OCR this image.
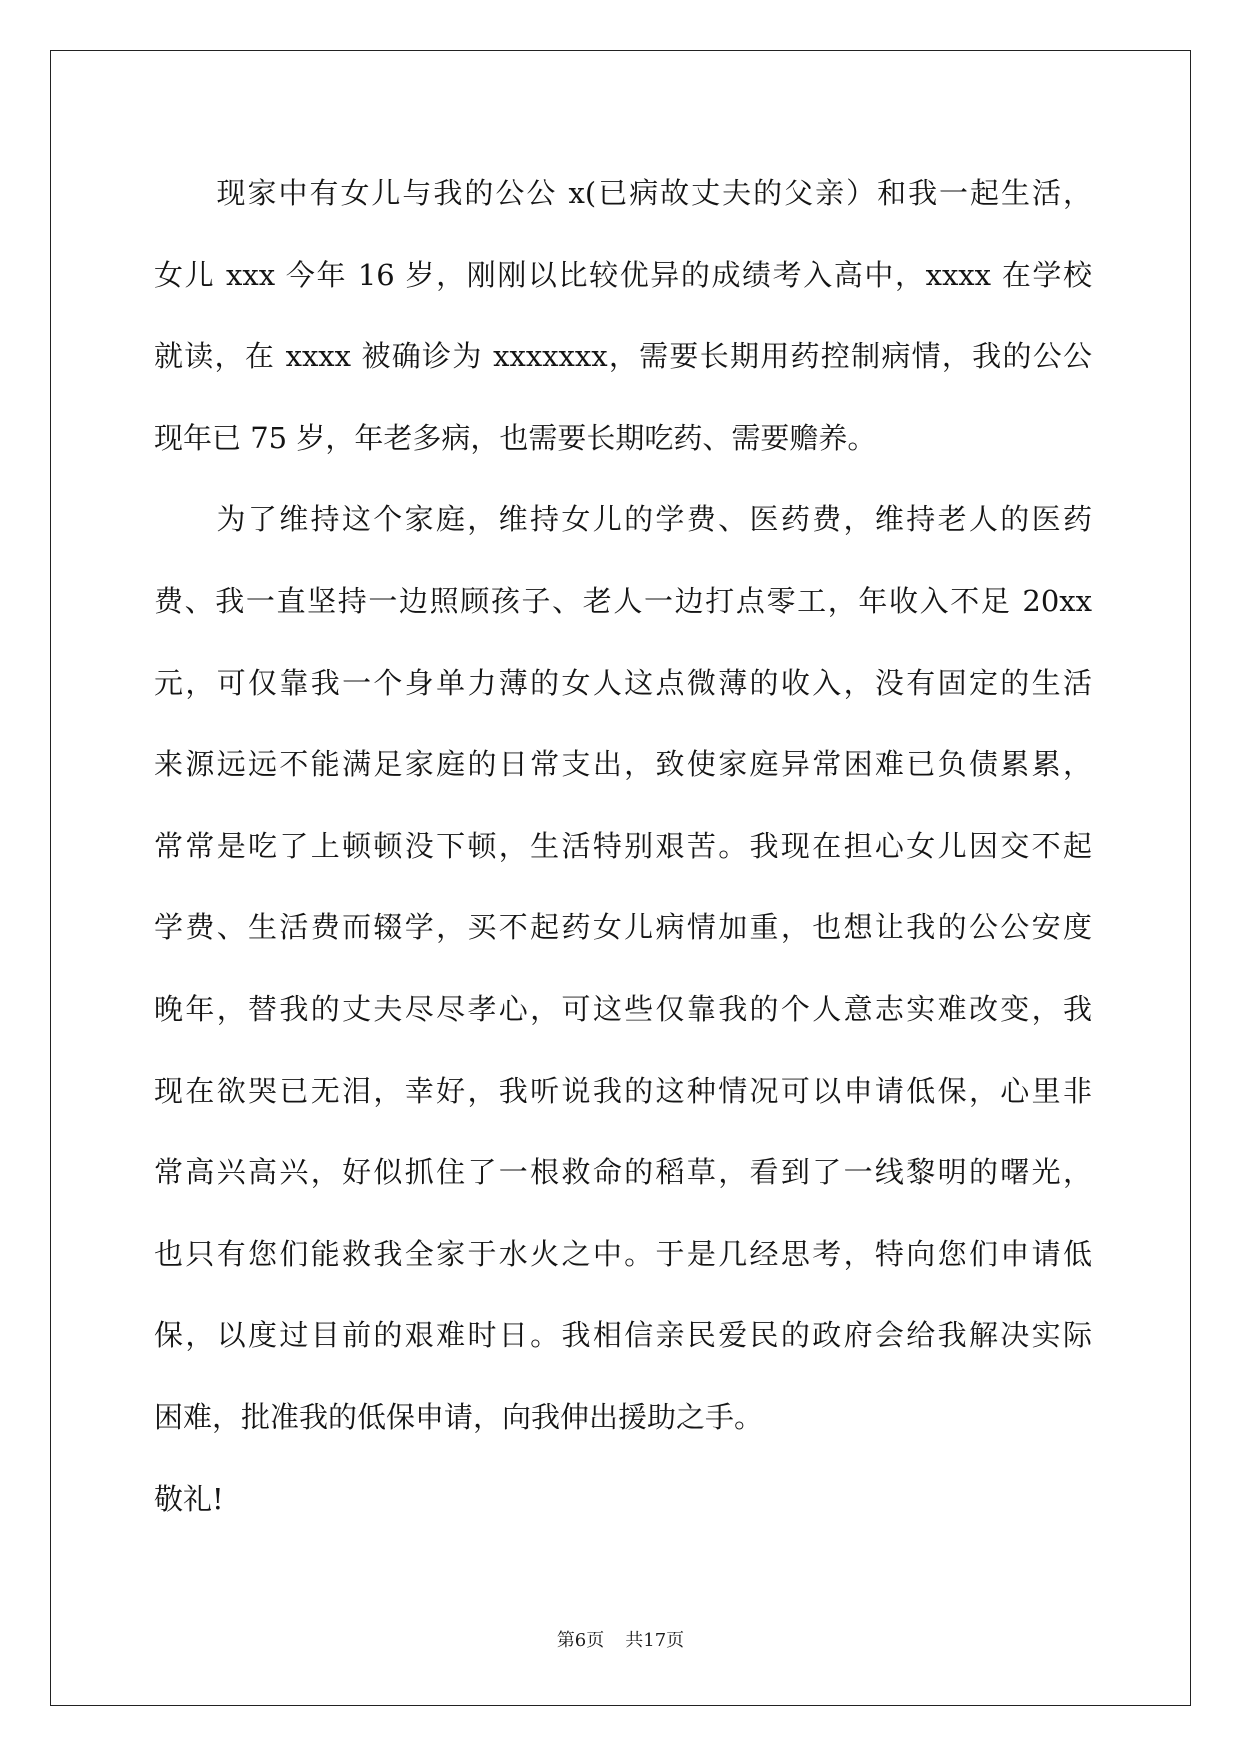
现家中有女儿与我的公公 x(已病故丈夫的父亲）和我一起生活，
女儿 xxx 今年 16 岁，刚刚以比较优异的成绩考入高中，xxxx 在学校
就读，在 xxxx 被确诊为 xxxxxxx，需要长期用药控制病情，我的公公
现年已 75 岁，年老多病，也需要长期吃药、需要赡养。
为了维持这个家庭，维持女儿的学费、医药费，维持老人的医药
费、我一直坚持一边照顾孩子、老人一边打点零工，年收入不足 20xx
元，可仅靠我一个身单力薄的女人这点微薄的收入，没有固定的生活
来源远远不能满足家庭的日常支出，致使家庭异常困难已负债累累，
常常是吃了上顿顿没下顿，生活特别艰苦。我现在担心女儿因交不起
学费、生活费而辍学，买不起药女儿病情加重，也想让我的公公安度
晚年，替我的丈夫尽尽孝心，可这些仅靠我的个人意志实难改变，我
现在欲哭已无泪，幸好，我听说我的这种情况可以申请低保，心里非
常高兴高兴，好似抓住了一根救命的稻草，看到了一线黎明的曙光，
也只有您们能救我全家于水火之中。于是几经思考，特向您们申请低
保，以度过目前的艰难时日。我相信亲民爱民的政府会给我解决实际
困难，批准我的低保申请，向我伸出援助之手。
敬礼!
第6页 共17页
